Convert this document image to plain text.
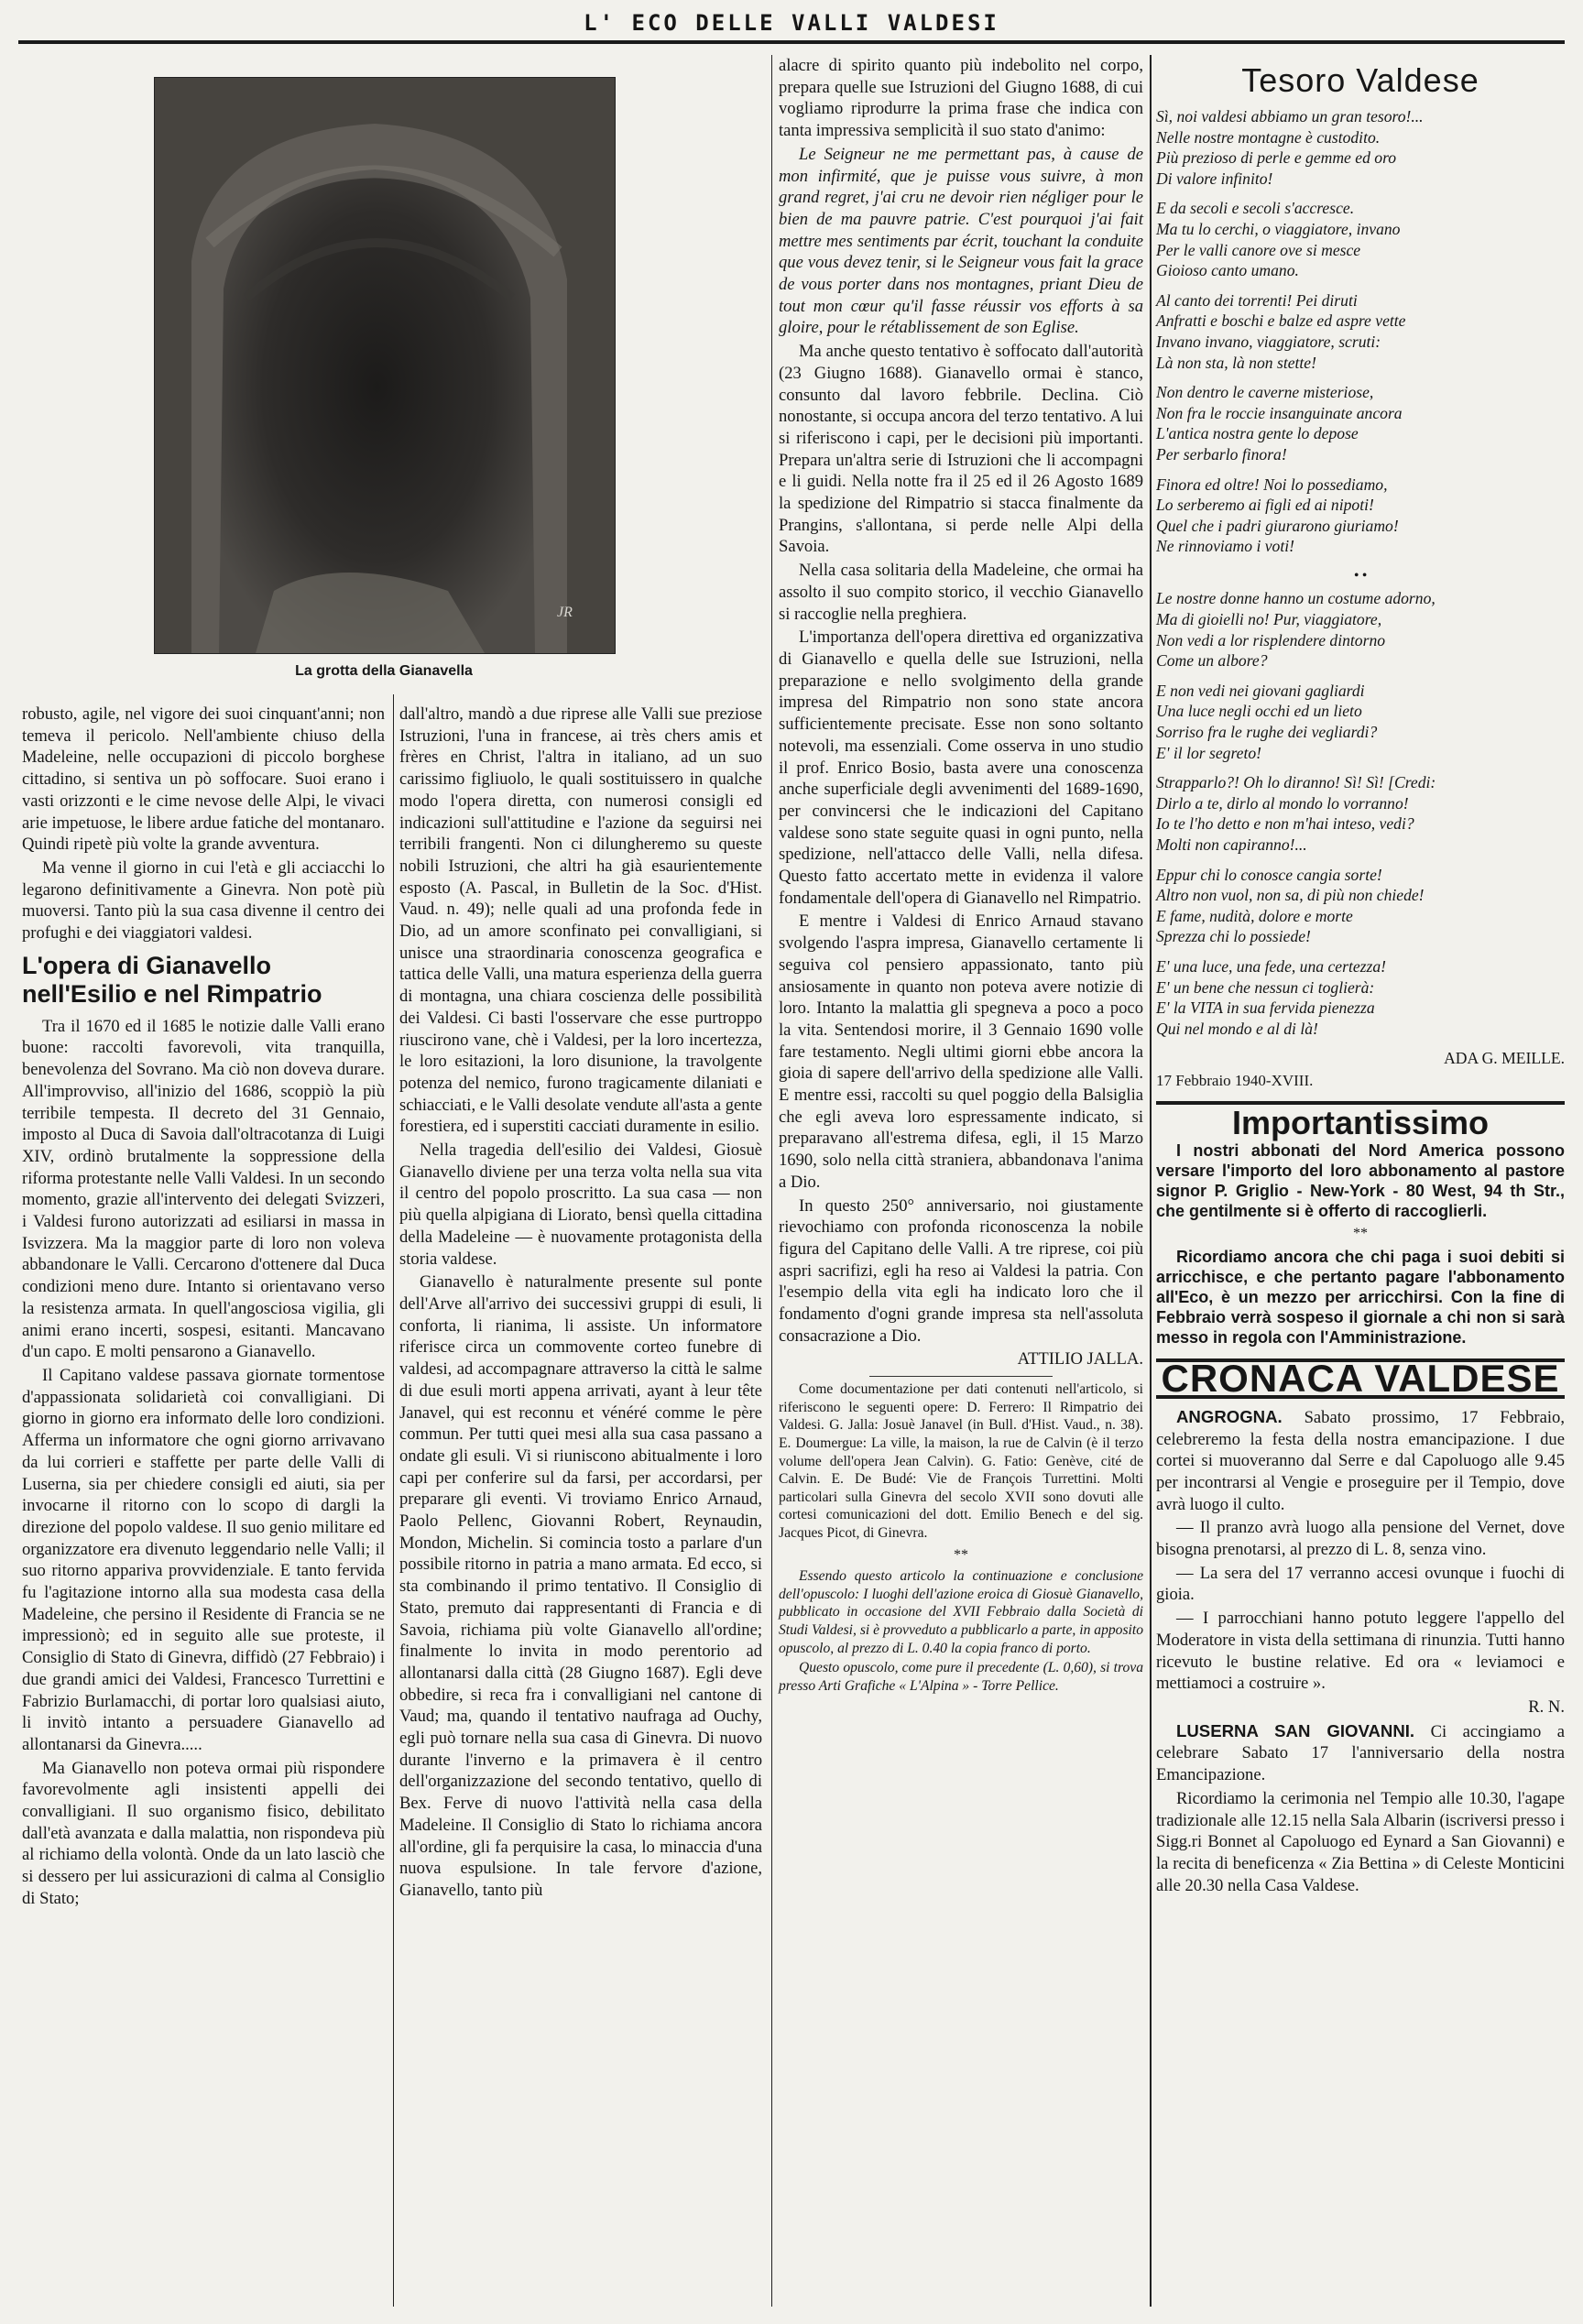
L' ECO DELLE VALLI VALDESI
JR
La grotta della Gianavella

robusto, agile, nel vigore dei suoi cinquant'anni; non temeva il pericolo. Nell'ambiente chiuso della Madeleine, nelle occupazioni di piccolo borghese cittadino, si sentiva un pò soffocare. Suoi erano i vasti orizzonti e le cime nevose delle Alpi, le vivaci arie impetuose, le libere ardue fatiche del montanaro. Quindi ripetè più volte la grande avventura.

Ma venne il giorno in cui l'età e gli acciacchi lo legarono definitivamente a Ginevra. Non potè più muoversi. Tanto più la sua casa divenne il centro dei profughi e dei viaggiatori valdesi.

L'opera di Gianavello nell'Esilio e nel Rimpatrio

Tra il 1670 ed il 1685 le notizie dalle Valli erano buone: raccolti favorevoli, vita tranquilla, benevolenza del Sovrano. Ma ciò non doveva durare. All'improvviso, all'inizio del 1686, scoppiò la più terribile tempesta. Il decreto del 31 Gennaio, imposto al Duca di Savoia dall'oltracotanza di Luigi XIV, ordinò brutalmente la soppressione della riforma protestante nelle Valli Valdesi. In un secondo momento, grazie all'intervento dei delegati Svizzeri, i Valdesi furono autorizzati ad esiliarsi in massa in Isvizzera. Ma la maggior parte di loro non voleva abbandonare le Valli. Cercarono d'ottenere dal Duca condizioni meno dure. Intanto si orientavano verso la resistenza armata. In quell'angosciosa vigilia, gli animi erano incerti, sospesi, esitanti. Mancavano d'un capo. E molti pensarono a Gianavello.

Il Capitano valdese passava giornate tormentose d'appassionata solidarietà coi convalligiani. Di giorno in giorno era informato delle loro condizioni. Afferma un informatore che ogni giorno arrivavano da lui corrieri e staffette per parte delle Valli di Luserna, sia per chiedere consigli ed aiuti, sia per invocarne il ritorno con lo scopo di dargli la direzione del popolo valdese. Il suo genio militare ed organizzatore era divenuto leggendario nelle Valli; il suo ritorno appariva provvidenziale. E tanto fervida fu l'agitazione intorno alla sua modesta casa della Madeleine, che persino il Residente di Francia se ne impressionò; ed in seguito alle sue proteste, il Consiglio di Stato di Ginevra, diffidò (27 Febbraio) i due grandi amici dei Valdesi, Francesco Turrettini e Fabrizio Burlamacchi, di portar loro qualsiasi aiuto, li invitò intanto a persuadere Gianavello ad allontanarsi da Ginevra.....

Ma Gianavello non poteva ormai più rispondere favorevolmente agli insistenti appelli dei convalligiani. Il suo organismo fisico, debilitato dall'età avanzata e dalla malattia, non rispondeva più al richiamo della volontà. Onde da un lato lasciò che si dessero per lui assicurazioni di calma al Consiglio di Stato;

dall'altro, mandò a due riprese alle Valli sue preziose Istruzioni, l'una in francese, ai très chers amis et frères en Christ, l'altra in italiano, ad un suo carissimo figliuolo, le quali sostituissero in qualche modo l'opera diretta, con numerosi consigli ed indicazioni sull'attitudine e l'azione da seguirsi nei terribili frangenti. Non ci dilungheremo su queste nobili Istruzioni, che altri ha già esaurientemente esposto (A. Pascal, in Bulletin de la Soc. d'Hist. Vaud. n. 49); nelle quali ad una profonda fede in Dio, ad un amore sconfinato pei convalligiani, si unisce una straordinaria conoscenza geografica e tattica delle Valli, una matura esperienza della guerra di montagna, una chiara coscienza delle possibilità dei Valdesi. Ci basti l'osservare che esse purtroppo riuscirono vane, chè i Valdesi, per la loro incertezza, le loro esitazioni, la loro disunione, la travolgente potenza del nemico, furono tragicamente dilaniati e schiacciati, e le Valli desolate vendute all'asta a gente forestiera, ed i superstiti cacciati duramente in esilio.

Nella tragedia dell'esilio dei Valdesi, Giosuè Gianavello diviene per una terza volta nella sua vita il centro del popolo proscritto. La sua casa — non più quella alpigiana di Liorato, bensì quella cittadina della Madeleine — è nuovamente protagonista della storia valdese.

Gianavello è naturalmente presente sul ponte dell'Arve all'arrivo dei successivi gruppi di esuli, li conforta, li rianima, li assiste. Un informatore riferisce circa un commovente corteo funebre di valdesi, ad accompagnare attraverso la città le salme di due esuli morti appena arrivati, ayant à leur tête Janavel, qui est reconnu et vénéré comme le père commun. Per tutti quei mesi alla sua casa passano a ondate gli esuli. Vi si riuniscono abitualmente i loro capi per conferire sul da farsi, per accordarsi, per preparare gli eventi. Vi troviamo Enrico Arnaud, Paolo Pellenc, Giovanni Robert, Reynaudin, Mondon, Michelin. Si comincia tosto a parlare d'un possibile ritorno in patria a mano armata. Ed ecco, si sta combinando il primo tentativo. Il Consiglio di Stato, premuto dai rappresentanti di Francia e di Savoia, richiama più volte Gianavello all'ordine; finalmente lo invita in modo perentorio ad allontanarsi dalla città (28 Giugno 1687). Egli deve obbedire, si reca fra i convalligiani nel cantone di Vaud; ma, quando il tentativo naufraga ad Ouchy, egli può tornare nella sua casa di Ginevra. Di nuovo durante l'inverno e la primavera è il centro dell'organizzazione del secondo tentativo, quello di Bex. Ferve di nuovo l'attività nella casa della Madeleine. Il Consiglio di Stato lo richiama ancora all'ordine, gli fa perquisire la casa, lo minaccia d'una nuova espulsione. In tale fervore d'azione, Gianavello, tanto più

alacre di spirito quanto più indebolito nel corpo, prepara quelle sue Istruzioni del Giugno 1688, di cui vogliamo riprodurre la prima frase che indica con tanta impressiva semplicità il suo stato d'animo:

Le Seigneur ne me permettant pas, à cause de mon infirmité, que je puisse vous suivre, à mon grand regret, j'ai cru ne devoir rien négliger pour le bien de ma pauvre patrie. C'est pourquoi j'ai fait mettre mes sentiments par écrit, touchant la conduite que vous devez tenir, si le Seigneur vous fait la grace de vous porter dans nos montagnes, priant Dieu de tout mon cœur qu'il fasse réussir vos efforts à sa gloire, pour le rétablissement de son Eglise.

Ma anche questo tentativo è soffocato dall'autorità (23 Giugno 1688). Gianavello ormai è stanco, consunto dal lavoro febbrile. Declina. Ciò nonostante, si occupa ancora del terzo tentativo. A lui si riferiscono i capi, per le decisioni più importanti. Prepara un'altra serie di Istruzioni che li accompagni e li guidi. Nella notte fra il 25 ed il 26 Agosto 1689 la spedizione del Rimpatrio si stacca finalmente da Prangins, s'allontana, si perde nelle Alpi della Savoia.

Nella casa solitaria della Madeleine, che ormai ha assolto il suo compito storico, il vecchio Gianavello si raccoglie nella preghiera.

L'importanza dell'opera direttiva ed organizzativa di Gianavello e quella delle sue Istruzioni, nella preparazione e nello svolgimento della grande impresa del Rimpatrio non sono state ancora sufficientemente precisate. Esse non sono soltanto notevoli, ma essenziali. Come osserva in uno studio il prof. Enrico Bosio, basta avere una conoscenza anche superficiale degli avvenimenti del 1689-1690, per convincersi che le indicazioni del Capitano valdese sono state seguite quasi in ogni punto, nella spedizione, nell'attacco delle Valli, nella difesa. Questo fatto accertato mette in evidenza il valore fondamentale dell'opera di Gianavello nel Rimpatrio.

E mentre i Valdesi di Enrico Arnaud stavano svolgendo l'aspra impresa, Gianavello certamente li seguiva col pensiero appassionato, tanto più ansiosamente in quanto non poteva avere notizie di loro. Intanto la malattia gli spegneva a poco a poco la vita. Sentendosi morire, il 3 Gennaio 1690 volle fare testamento. Negli ultimi giorni ebbe ancora la gioia di sapere dell'arrivo della spedizione alle Valli. E mentre essi, raccolti su quel poggio della Balsiglia che egli aveva loro espressamente indicato, si preparavano all'estrema difesa, egli, il 15 Marzo 1690, solo nella città straniera, abbandonava l'anima a Dio.

In questo 250° anniversario, noi giustamente rievochiamo con profonda riconoscenza la nobile figura del Capitano delle Valli. A tre riprese, coi più aspri sacrifizi, egli ha reso ai Valdesi la patria. Con l'esempio della vita egli ha indicato loro che il fondamento d'ogni grande impresa sta nell'assoluta consacrazione a Dio.

ATTILIO JALLA.

Come documentazione per dati contenuti nell'articolo, si riferiscono le seguenti opere: D. Ferrero: Il Rimpatrio dei Valdesi. G. Jalla: Josuè Janavel (in Bull. d'Hist. Vaud., n. 38). E. Doumergue: La ville, la maison, la rue de Calvin (è il terzo volume dell'opera Jean Calvin). G. Fatio: Genève, cité de Calvin. E. De Budé: Vie de François Turrettini. Molti particolari sulla Ginevra del secolo XVII sono dovuti alle cortesi comunicazioni del dott. Emilio Benech e del sig. Jacques Picot, di Ginevra.

**

Essendo questo articolo la continuazione e conclusione dell'opuscolo: I luoghi dell'azione eroica di Giosuè Gianavello, pubblicato in occasione del XVII Febbraio dalla Società di Studi Valdesi, si è provveduto a pubblicarlo a parte, in apposito opuscolo, al prezzo di L. 0.40 la copia franco di porto.

Questo opuscolo, come pure il precedente (L. 0,60), si trova presso Arti Grafiche « L'Alpina » - Torre Pellice.

Tesoro Valdese
Sì, noi valdesi abbiamo un gran tesoro!...
Nelle nostre montagne è custodito.
Più prezioso di perle e gemme ed oro
Di valore infinito!
E da secoli e secoli s'accresce.
Ma tu lo cerchi, o viaggiatore, invano
Per le valli canore ove si mesce
Gioioso canto umano.
Al canto dei torrenti! Pei diruti
Anfratti e boschi e balze ed aspre vette
Invano invano, viaggiatore, scruti:
Là non sta, là non stette!
Non dentro le caverne misteriose,
Non fra le roccie insanguinate ancora
L'antica nostra gente lo depose
Per serbarlo finora!
Finora ed oltre! Noi lo possediamo,
Lo serberemo ai figli ed ai nipoti!
Quel che i padri giurarono giuriamo!
Ne rinnoviamo i voti!
• •
Le nostre donne hanno un costume adorno,
Ma di gioielli no! Pur, viaggiatore,
Non vedi a lor risplendere dintorno
Come un albore?
E non vedi nei giovani gagliardi
Una luce negli occhi ed un lieto
Sorriso fra le rughe dei vegliardi?
E' il lor segreto!
Strapparlo?! Oh lo diranno! Sì! Sì! [Credi:
Dirlo a te, dirlo al mondo lo vorranno!
Io te l'ho detto e non m'hai inteso, vedi?
Molti non capiranno!...
Eppur chi lo conosce cangia sorte!
Altro non vuol, non sa, di più non chiede!
E fame, nudità, dolore e morte
Sprezza chi lo possiede!
E' una luce, una fede, una certezza!
E' un bene che nessun ci toglierà:
E' la VITA in sua fervida pienezza
Qui nel mondo e al di là!
ADA G. MEILLE.
17 Febbraio 1940-XVIII.
Importantissimo

I nostri abbonati del Nord America possono versare l'importo del loro abbonamento al pastore signor P. Griglio - New-York - 80 West, 94 th Str., che gentilmente si è offerto di raccoglierli.

**

Ricordiamo ancora che chi paga i suoi debiti si arricchisce, e che pertanto pagare l'abbonamento all'Eco, è un mezzo per arricchirsi. Con la fine di Febbraio verrà sospeso il giornale a chi non si sarà messo in regola con l'Amministrazione.

CRONACA VALDESE

ANGROGNA. Sabato prossimo, 17 Febbraio, celebreremo la festa della nostra emancipazione. I due cortei si muoveranno dal Serre e dal Capoluogo alle 9.45 per incontrarsi al Vengie e proseguire per il Tempio, dove avrà luogo il culto.

— Il pranzo avrà luogo alla pensione del Vernet, dove bisogna prenotarsi, al prezzo di L. 8, senza vino.

— La sera del 17 verranno accesi ovunque i fuochi di gioia.

— I parrocchiani hanno potuto leggere l'appello del Moderatore in vista della settimana di rinunzia. Tutti hanno ricevuto le bustine relative. Ed ora « leviamoci e mettiamoci a costruire ».

R. N.

LUSERNA SAN GIOVANNI. Ci accingiamo a celebrare Sabato 17 l'anniversario della nostra Emancipazione.

Ricordiamo la cerimonia nel Tempio alle 10.30, l'agape tradizionale alle 12.15 nella Sala Albarin (iscriversi presso i Sigg.ri Bonnet al Capoluogo ed Eynard a San Giovanni) e la recita di beneficenza « Zia Bettina » di Celeste Monticini alle 20.30 nella Casa Valdese.
